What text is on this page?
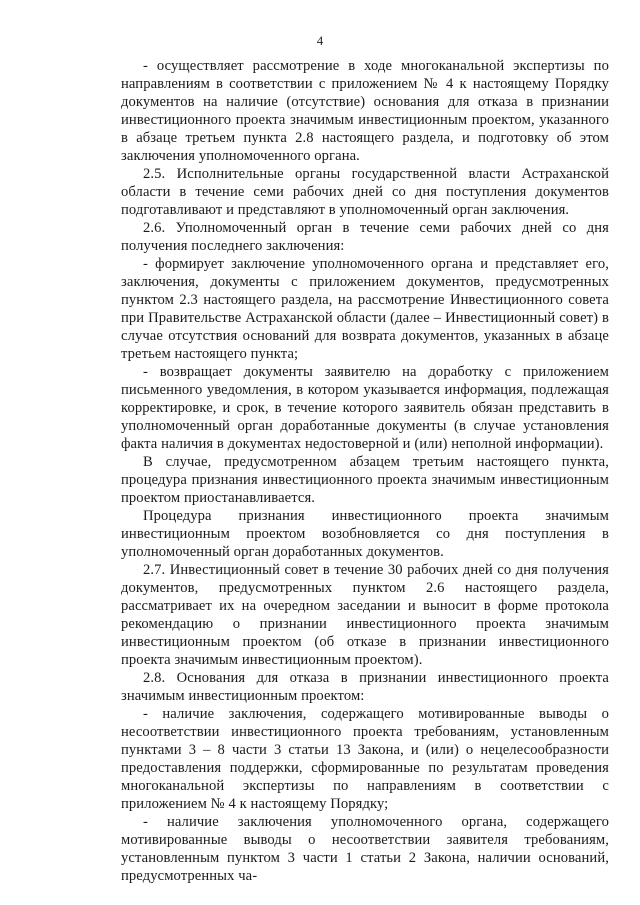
4

- осуществляет рассмотрение в ходе многоканальной экспертизы по направлениям в соответствии с приложением № 4 к настоящему Порядку документов на наличие (отсутствие) основания для отказа в признании инвестиционного проекта значимым инвестиционным проектом, указанного в абзаце третьем пункта 2.8 настоящего раздела, и подготовку об этом заключения уполномоченного органа.

2.5. Исполнительные органы государственной власти Астраханской области в течение семи рабочих дней со дня поступления документов подготавливают и представляют в уполномоченный орган заключения.

2.6. Уполномоченный орган в течение семи рабочих дней со дня получения последнего заключения:

- формирует заключение уполномоченного органа и представляет его, заключения, документы с приложением документов, предусмотренных пунктом 2.3 настоящего раздела, на рассмотрение Инвестиционного совета при Правительстве Астраханской области (далее – Инвестиционный совет) в случае отсутствия оснований для возврата документов, указанных в абзаце третьем настоящего пункта;

- возвращает документы заявителю на доработку с приложением письменного уведомления, в котором указывается информация, подлежащая корректировке, и срок, в течение которого заявитель обязан представить в уполномоченный орган доработанные документы (в случае установления факта наличия в документах недостоверной и (или) неполной информации).

В случае, предусмотренном абзацем третьим настоящего пункта, процедура признания инвестиционного проекта значимым инвестиционным проектом приостанавливается.

Процедура признания инвестиционного проекта значимым инвестиционным проектом возобновляется со дня поступления в уполномоченный орган доработанных документов.

2.7. Инвестиционный совет в течение 30 рабочих дней со дня получения документов, предусмотренных пунктом 2.6 настоящего раздела, рассматривает их на очередном заседании и выносит в форме протокола рекомендацию о признании инвестиционного проекта значимым инвестиционным проектом (об отказе в признании инвестиционного проекта значимым инвестиционным проектом).

2.8. Основания для отказа в признании инвестиционного проекта значимым инвестиционным проектом:

- наличие заключения, содержащего мотивированные выводы о несоответствии инвестиционного проекта требованиям, установленным пунктами 3 – 8 части 3 статьи 13 Закона, и (или) о нецелесообразности предоставления поддержки, сформированные по результатам проведения многоканальной экспертизы по направлениям в соответствии с приложением № 4 к настоящему Порядку;

- наличие заключения уполномоченного органа, содержащего мотивированные выводы о несоответствии заявителя требованиям, установленным пунктом 3 части 1 статьи 2 Закона, наличии оснований, предусмотренных ча-
